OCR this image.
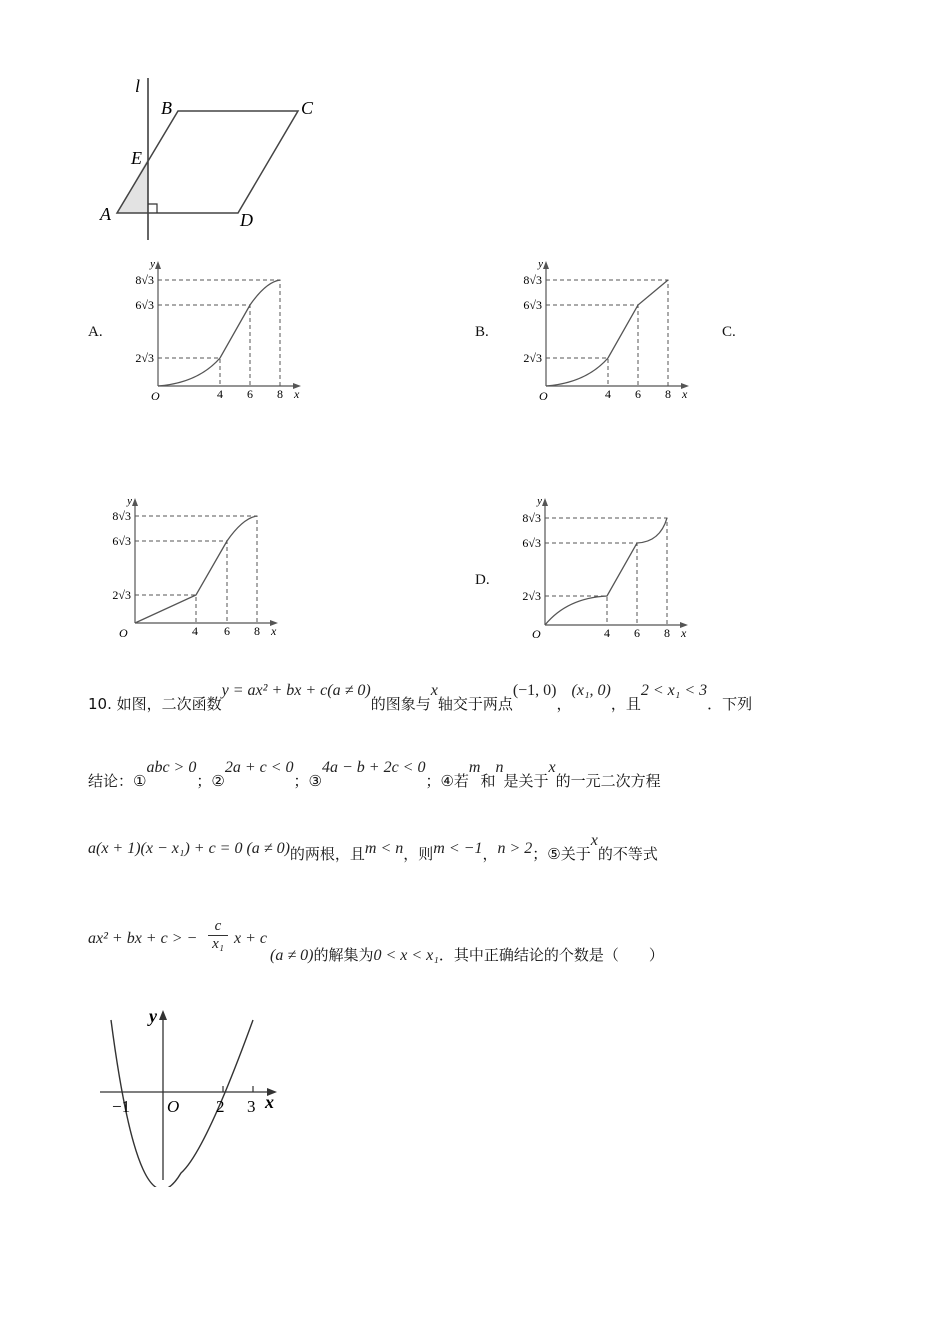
l
B	C
E
A	D
A.	B.	C.
D.
y
8√3
6√3
2√3
O	4 6 8 x
y
8√3
6√3
2√3
O	4 6 8 x
y
8√3
6√3
2√3
O	4 6 8 x
y
8√3
6√3
2√3
O	4 6 8 x
10. 如图，二次函数y = ax² + bx + c(a ≠ 0)的图象与x轴交于两点(−1, 0)，(x₁, 0)，且2 < x₁ < 3．下列
结论：①abc > 0；②2a + c < 0；③4a − b + 2c < 0；④若m和n是关于x的一元二次方程
a(x + 1)(x − x₁) + c = 0 (a ≠ 0)的两根，且m < n，则m < −1，n > 2；⑤关于x的不等式
ax² + bx + c > −
c
x₁ x + c
(a ≠ 0)的解集为0 < x < x₁．其中正确结论的个数是（　　）
y
x
O
−1	2 3
